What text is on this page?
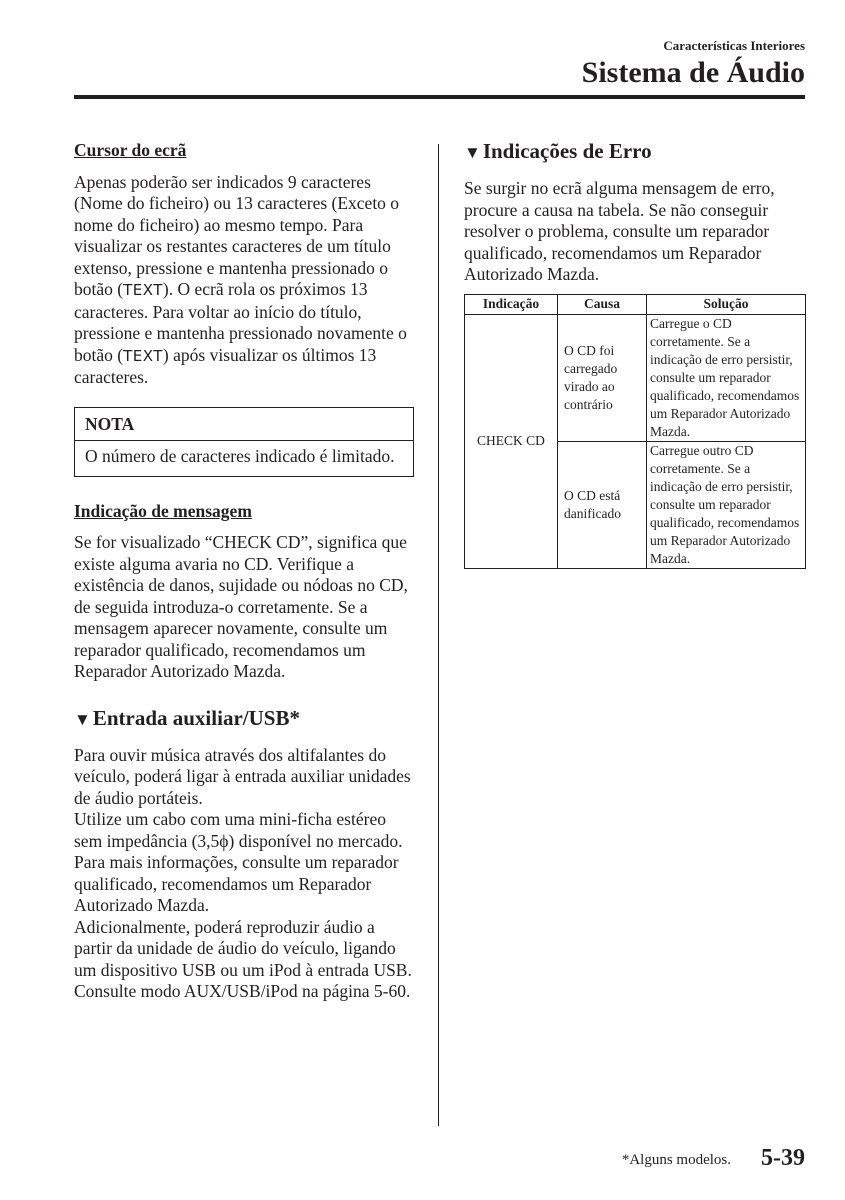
Características Interiores
Sistema de Áudio

Cursor do ecrã

Apenas poderão ser indicados 9 caracteres (Nome do ficheiro) ou 13 caracteres (Exceto o nome do ficheiro) ao mesmo tempo. Para visualizar os restantes caracteres de um título extenso, pressione e mantenha pressionado o botão (TEXT). O ecrã rola os próximos 13 caracteres. Para voltar ao início do título, pressione e mantenha pressionado novamente o botão (TEXT) após visualizar os últimos 13 caracteres.

NOTA
O número de caracteres indicado é limitado.

Indicação de mensagem

Se for visualizado “CHECK CD”, significa que existe alguma avaria no CD. Verifique a existência de danos, sujidade ou nódoas no CD, de seguida introduza-o corretamente. Se a mensagem aparecer novamente, consulte um reparador qualificado, recomendamos um Reparador Autorizado Mazda.

▼Entrada auxiliar/USB*

Para ouvir música através dos altifalantes do veículo, poderá ligar à entrada auxiliar unidades de áudio portáteis.

Utilize um cabo com uma mini-ficha estéreo sem impedância (3,5ϕ) disponível no mercado.

Para mais informações, consulte um reparador qualificado, recomendamos um Reparador Autorizado Mazda.

Adicionalmente, poderá reproduzir áudio a partir da unidade de áudio do veículo, ligando um dispositivo USB ou um iPod à entrada USB.

Consulte modo AUX/USB/iPod na página 5-60.

▼Indicações de Erro

Se surgir no ecrã alguma mensagem de erro, procure a causa na tabela. Se não conseguir resolver o problema, consulte um reparador qualificado, recomendamos um Reparador Autorizado Mazda.

Indicação	Causa	Solução
CHECK CD	O CD foi carregado virado ao contrário	Carregue o CD corretamente. Se a indicação de erro persistir, consulte um reparador qualificado, recomendamos um Reparador Autorizado Mazda.
	O CD está danificado	Carregue outro CD corretamente. Se a indicação de erro persistir, consulte um reparador qualificado, recomendamos um Reparador Autorizado Mazda.
*Alguns modelos. 5-39
